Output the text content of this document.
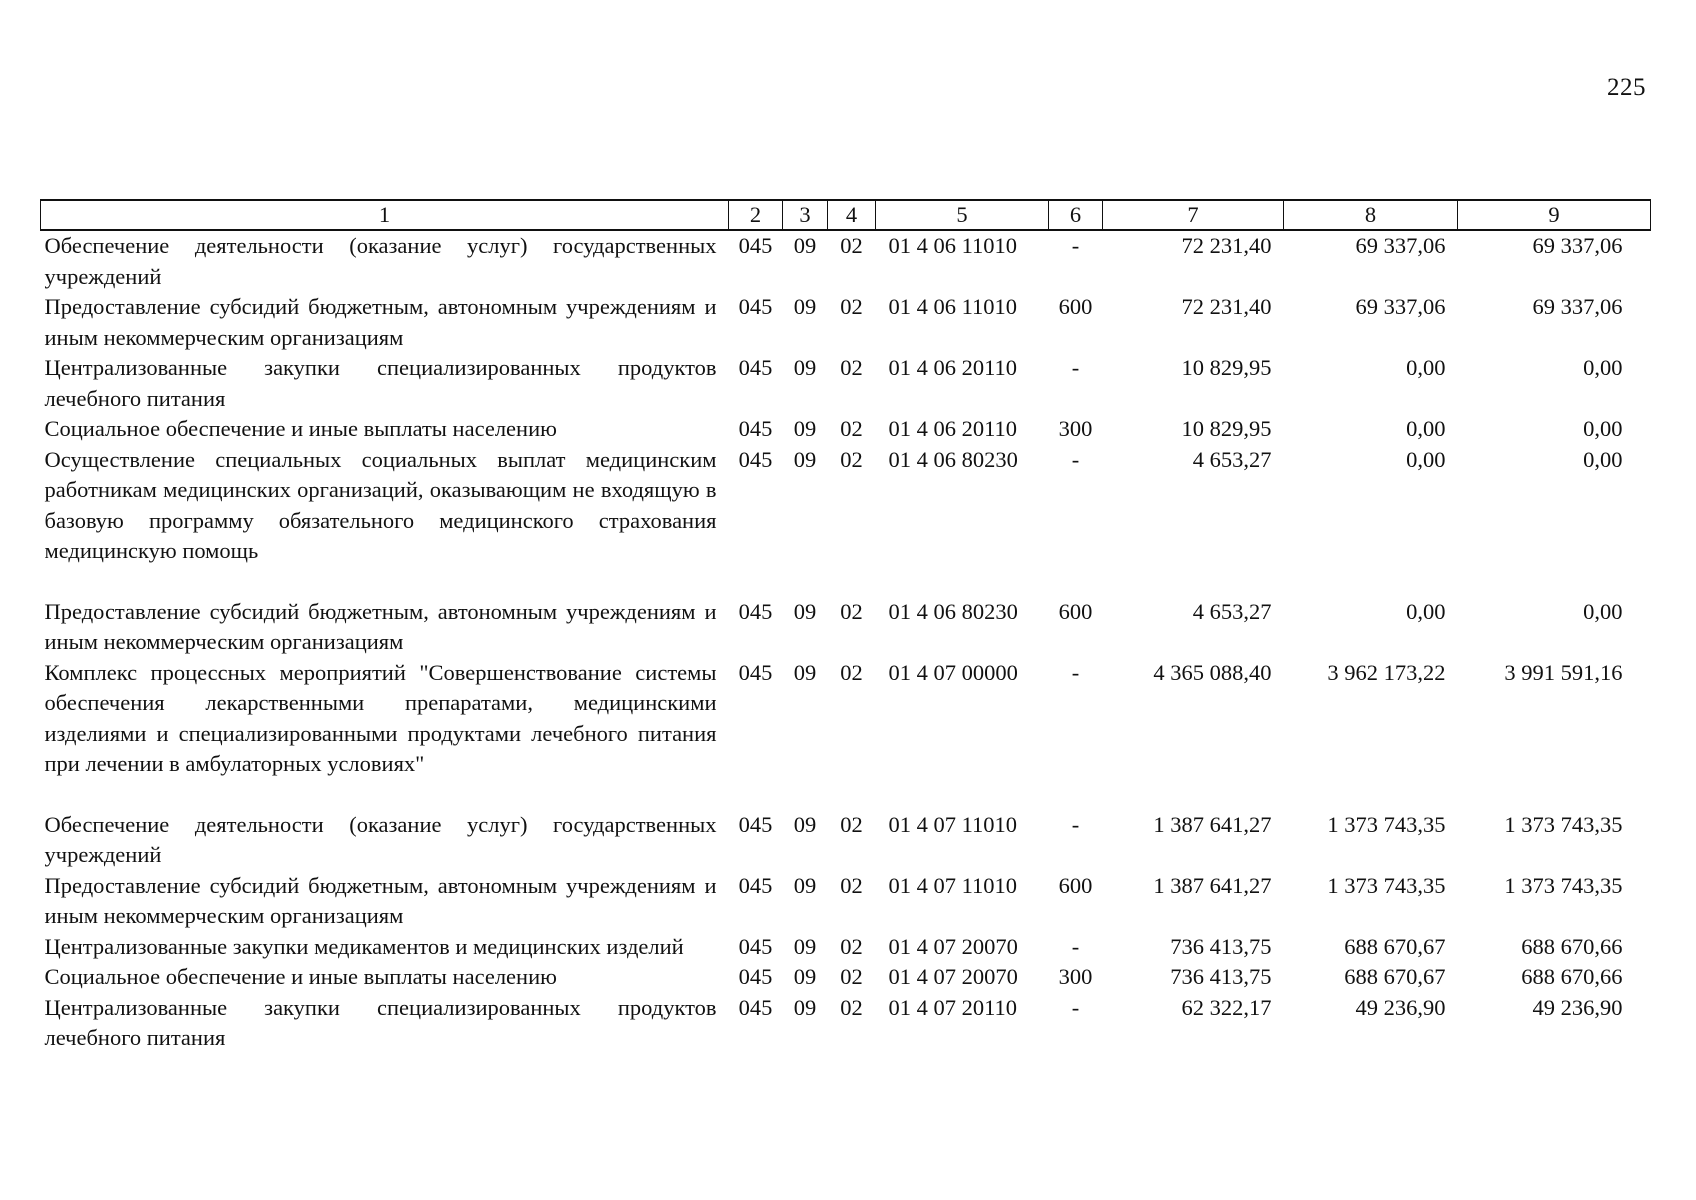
225
1	2	3	4	5	6	7	8	9
Обеспечение деятельности (оказание услуг) государственных учреждений	045	09	02	01 4 06 11010	-	72 231,40	69 337,06	69 337,06
Предоставление субсидий бюджетным, автономным учреждениям и иным некоммерческим организациям	045	09	02	01 4 06 11010	600	72 231,40	69 337,06	69 337,06
Централизованные закупки специализированных продуктов лечебного питания	045	09	02	01 4 06 20110	-	10 829,95	0,00	0,00
Социальное обеспечение и иные выплаты населению	045	09	02	01 4 06 20110	300	10 829,95	0,00	0,00
Осуществление специальных социальных выплат медицинским работникам медицинских организаций, оказывающим не входящую в базовую программу обязательного медицинского страхования медицинскую помощь	045	09	02	01 4 06 80230	-	4 653,27	0,00	0,00
Предоставление субсидий бюджетным, автономным учреждениям и иным некоммерческим организациям	045	09	02	01 4 06 80230	600	4 653,27	0,00	0,00
Комплекс процессных мероприятий "Совершенствование системы обеспечения лекарственными препаратами, медицинскими изделиями и специализированными продуктами лечебного питания при лечении в амбулаторных условиях"	045	09	02	01 4 07 00000	-	4 365 088,40	3 962 173,22	3 991 591,16
Обеспечение деятельности (оказание услуг) государственных учреждений	045	09	02	01 4 07 11010	-	1 387 641,27	1 373 743,35	1 373 743,35
Предоставление субсидий бюджетным, автономным учреждениям и иным некоммерческим организациям	045	09	02	01 4 07 11010	600	1 387 641,27	1 373 743,35	1 373 743,35
Централизованные закупки медикаментов и медицинских изделий	045	09	02	01 4 07 20070	-	736 413,75	688 670,67	688 670,66
Социальное обеспечение и иные выплаты населению	045	09	02	01 4 07 20070	300	736 413,75	688 670,67	688 670,66
Централизованные закупки специализированных продуктов лечебного питания	045	09	02	01 4 07 20110	-	62 322,17	49 236,90	49 236,90
